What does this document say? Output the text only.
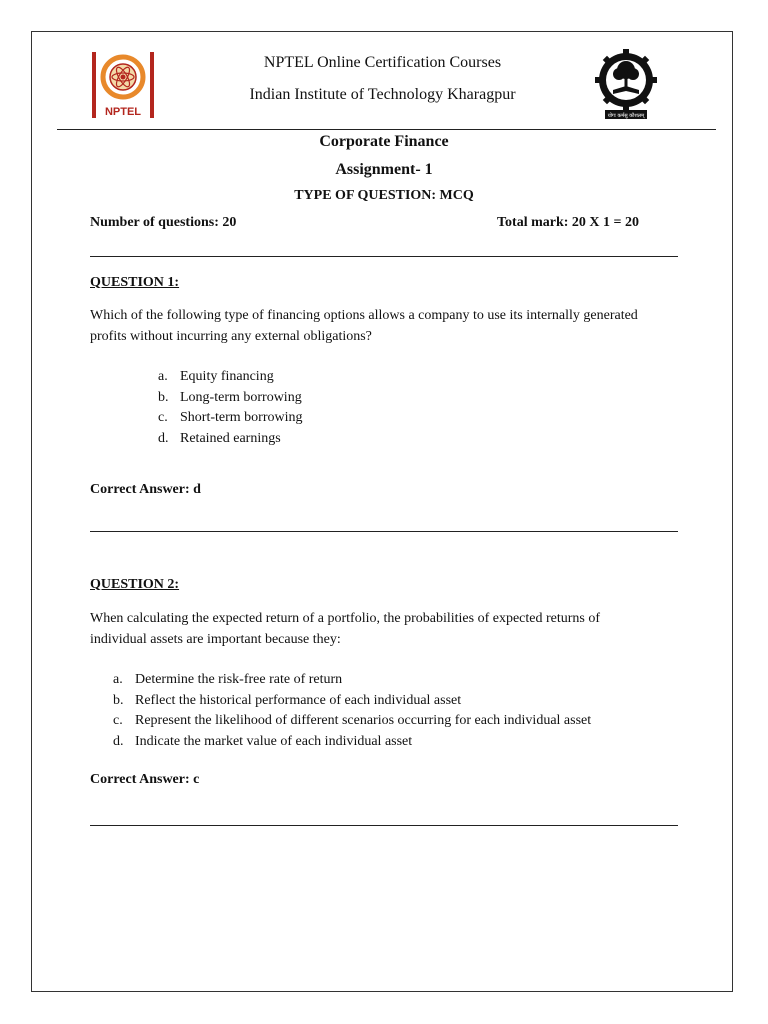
NPTEL
NPTEL Online Certification Courses
Indian Institute of Technology Kharagpur
योगः कर्मसु कौशलम्
Corporate Finance
Assignment- 1
TYPE OF QUESTION: MCQ
Number of questions: 20	Total mark: 20 X 1 = 20
QUESTION 1:
Which of the following type of financing options allows a company to use its internally generated profits without incurring any external obligations?
a. Equity financing
b. Long-term borrowing
c. Short-term borrowing
d. Retained earnings
Correct Answer: d
QUESTION 2:
When calculating the expected return of a portfolio, the probabilities of expected returns of individual assets are important because they:
a. Determine the risk-free rate of return
b. Reflect the historical performance of each individual asset
c. Represent the likelihood of different scenarios occurring for each individual asset
d. Indicate the market value of each individual asset
Correct Answer: c
